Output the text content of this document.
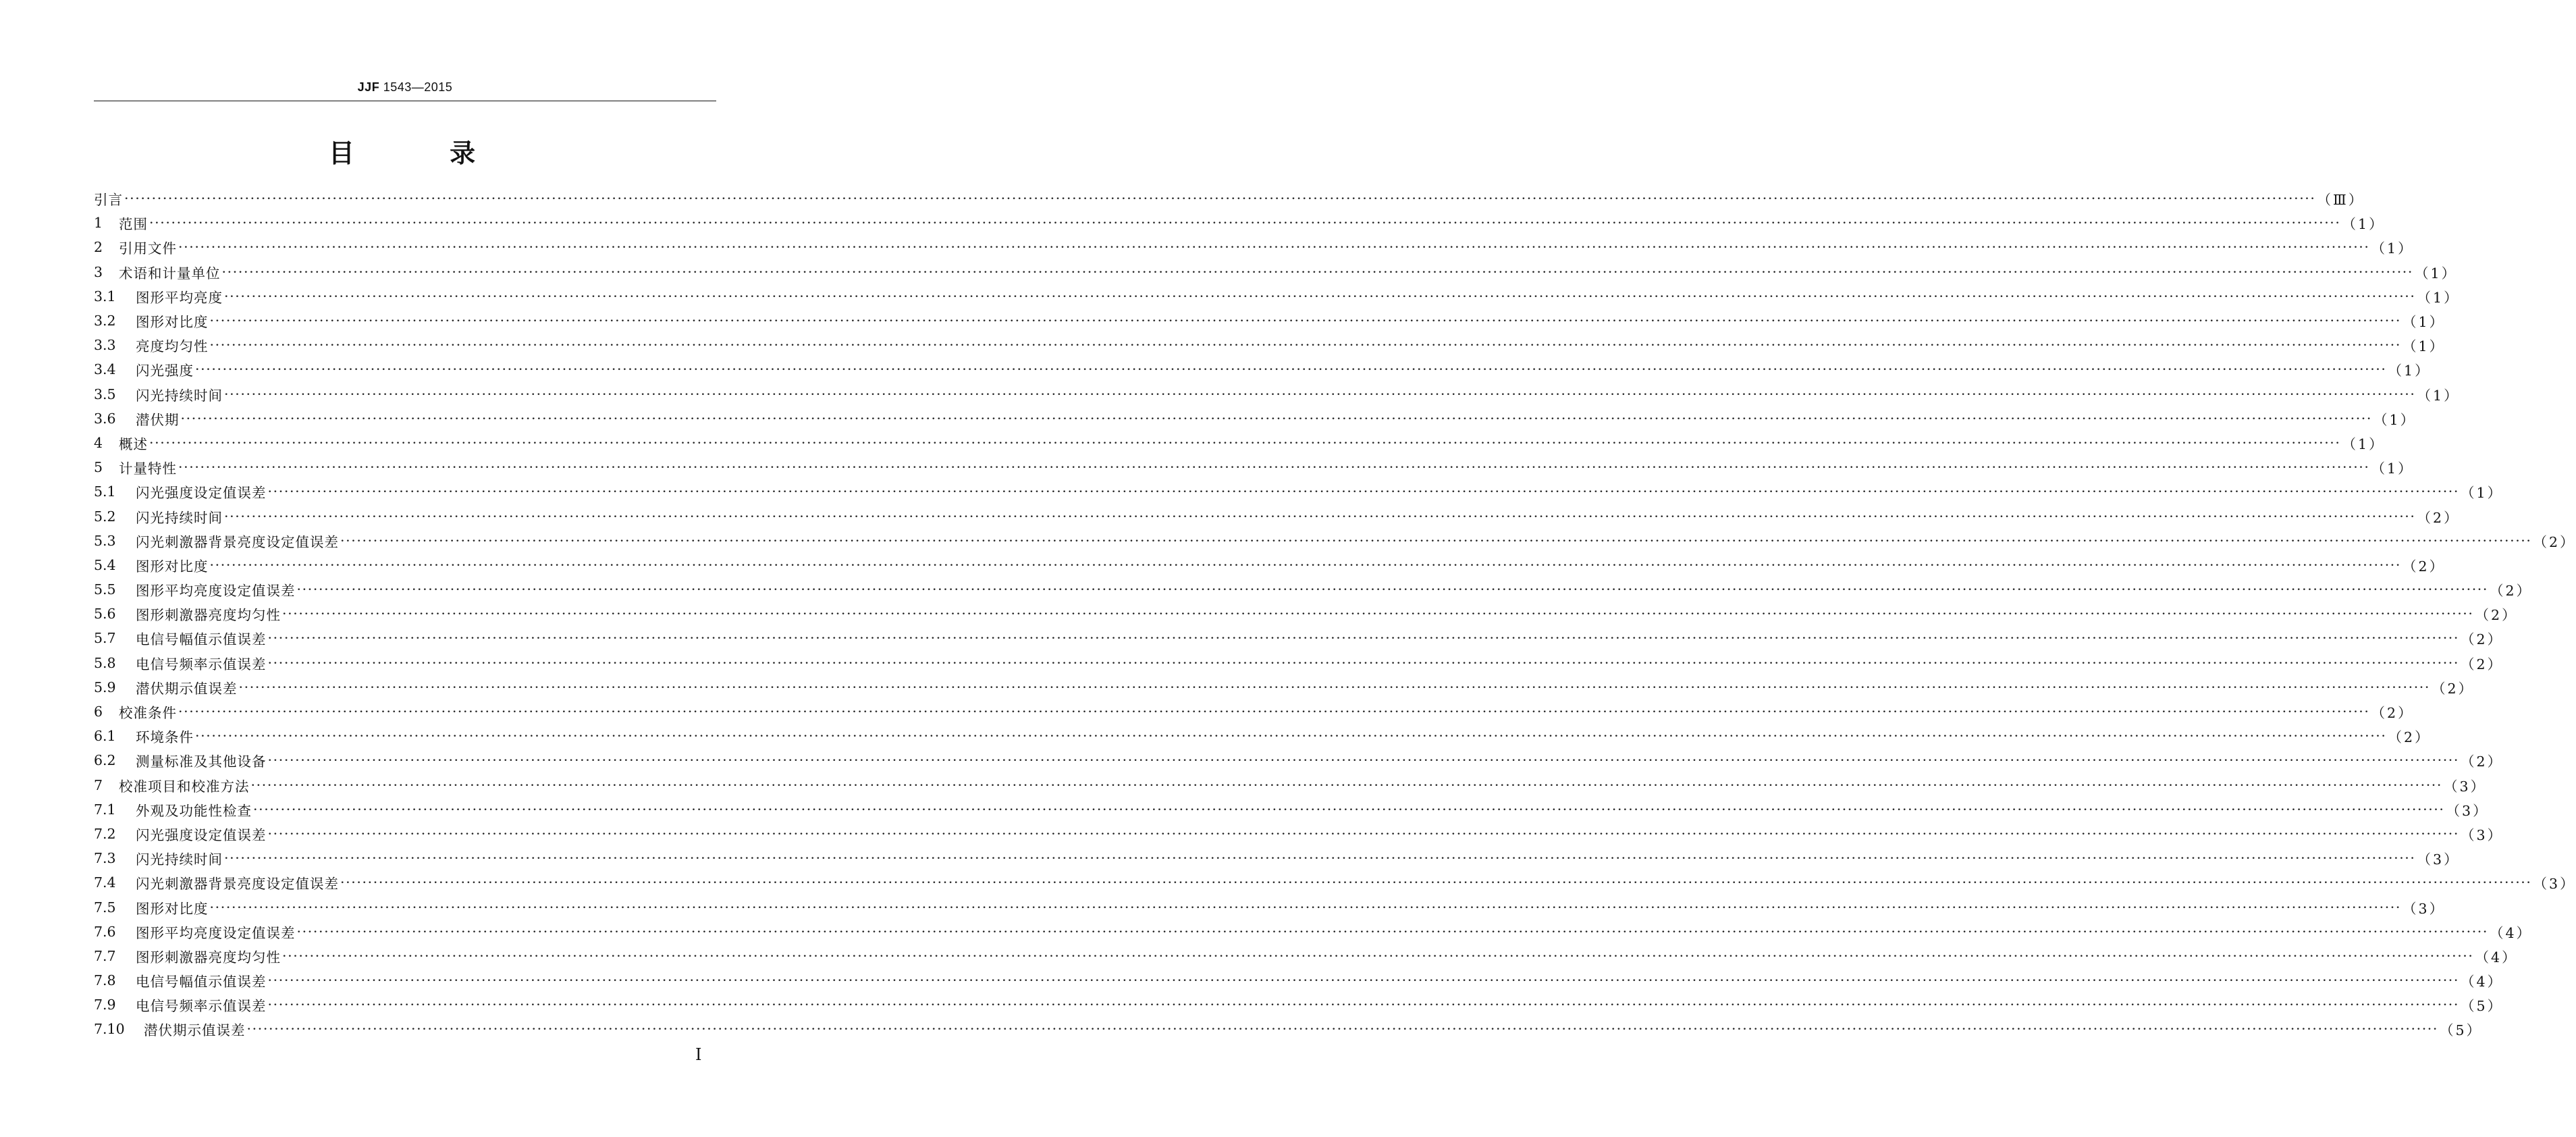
JJF 1543—2015
目 录
引言 ················································································································································································································································································································································································································ （Ⅲ）
1	范围 ················································································································································································································································································································································································································ （1）
2	引用文件 ················································································································································································································································································································································································································ （1）
3	术语和计量单位 ················································································································································································································································································································································································································ （1）
3.1	图形平均亮度 ················································································································································································································································································································································································································ （1）
3.2	图形对比度 ················································································································································································································································································································································································································ （1）
3.3	亮度均匀性 ················································································································································································································································································································································································································ （1）
3.4	闪光强度 ················································································································································································································································································································································································································ （1）
3.5	闪光持续时间 ················································································································································································································································································································································································································ （1）
3.6	潜伏期 ················································································································································································································································································································································································································ （1）
4	概述 ················································································································································································································································································································································································································ （1）
5	计量特性 ················································································································································································································································································································································································································ （1）
5.1	闪光强度设定值误差 ················································································································································································································································································································································································································ （1）
5.2	闪光持续时间 ················································································································································································································································································································································································································ （2）
5.3	闪光刺激器背景亮度设定值误差 ················································································································································································································································································································································································································ （2）
5.4	图形对比度 ················································································································································································································································································································································································································ （2）
5.5	图形平均亮度设定值误差 ················································································································································································································································································································································································································ （2）
5.6	图形刺激器亮度均匀性 ················································································································································································································································································································································································································ （2）
5.7	电信号幅值示值误差 ················································································································································································································································································································································································································ （2）
5.8	电信号频率示值误差 ················································································································································································································································································································································································································ （2）
5.9	潜伏期示值误差 ················································································································································································································································································································································································································ （2）
6	校准条件 ················································································································································································································································································································································································································ （2）
6.1	环境条件 ················································································································································································································································································································································································································ （2）
6.2	测量标准及其他设备 ················································································································································································································································································································································································································ （2）
7	校准项目和校准方法 ················································································································································································································································································································································································································ （3）
7.1	外观及功能性检查 ················································································································································································································································································································································································································ （3）
7.2	闪光强度设定值误差 ················································································································································································································································································································································································································ （3）
7.3	闪光持续时间 ················································································································································································································································································································································································································ （3）
7.4	闪光刺激器背景亮度设定值误差 ················································································································································································································································································································································································································ （3）
7.5	图形对比度 ················································································································································································································································································································································································································ （3）
7.6	图形平均亮度设定值误差 ················································································································································································································································································································································································································ （4）
7.7	图形刺激器亮度均匀性 ················································································································································································································································································································································································································ （4）
7.8	电信号幅值示值误差 ················································································································································································································································································································································································································ （4）
7.9	电信号频率示值误差 ················································································································································································································································································································································································································ （5）
7.10	潜伏期示值误差 ················································································································································································································································································································································································································ （5）
Ⅰ
